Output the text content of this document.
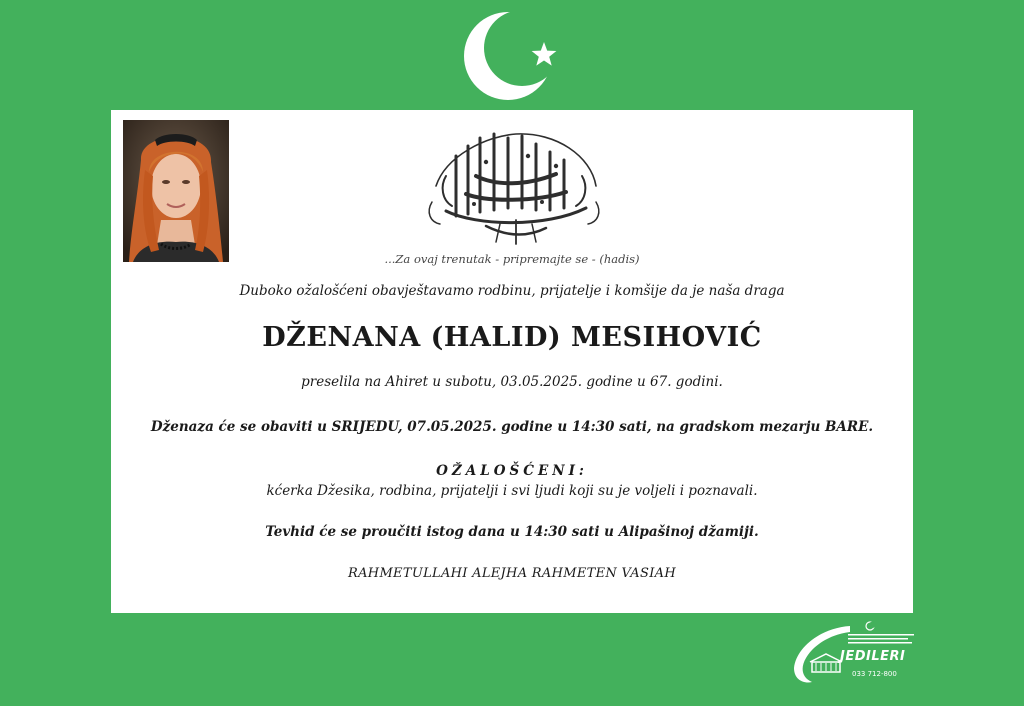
...Za ovaj trenutak - pripremajte se - (hadis)
Duboko ožalošćeni obavještavamo rodbinu, prijatelje i komšije da je naša draga
DŽENANA (HALID) MESIHOVIĆ
preselila na Ahiret u subotu, 03.05.2025. godine u 67. godini.
Dženaza će se obaviti u SRIJEDU, 07.05.2025. godine u 14:30 sati, na gradskom mezarju BARE.
OŽALOŠĆENI:
kćerka Džesika, rodbina, prijatelji i svi ljudi koji su je voljeli i poznavali.
Tevhid će se proučiti istog dana u 14:30 sati u Alipašinoj džamiji.
RAHMETULLAHI ALEJHA RAHMETEN VASIAH
JEDILERI
033 712-800
